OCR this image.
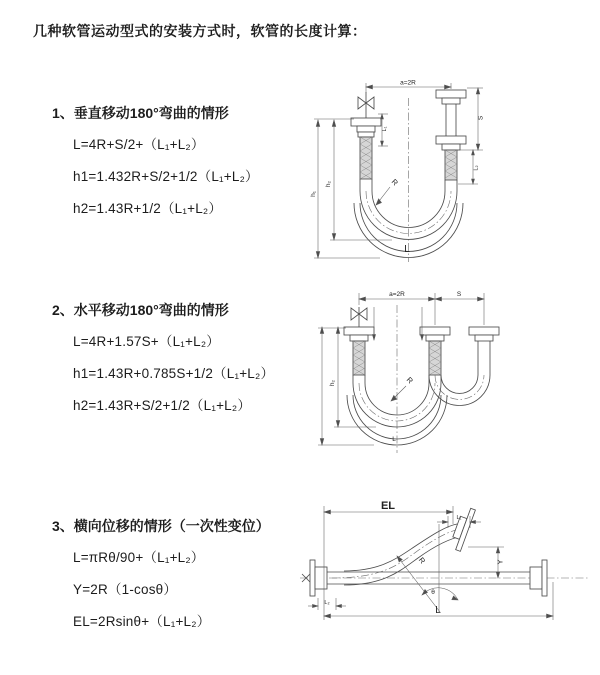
几种软管运动型式的安装方式时，软管的长度计算：
1、垂直移动180°弯曲的情形
L=4R+S/2+（L₁+L₂）
h1=1.432R+S/2+1/2（L₁+L₂）
h2=1.43R+1/2（L₁+L₂）
a=2R
h₁
h₂
L₁
S
L₂
R
L
2、水平移动180°弯曲的情形
L=4R+1.57S+（L₁+L₂）
h1=1.43R+0.785S+1/2（L₁+L₂）
h2=1.43R+S/2+1/2（L₁+L₂）
a=2R	S
h₂	R
L
3、横向位移的情形（一次性变位）
L=πRθ/90+（L₁+L₂）
Y=2R（1-cosθ）
EL=2Rsinθ+（L₁+L₂）
EL
L₁
Y
R
θ
L
L₂
